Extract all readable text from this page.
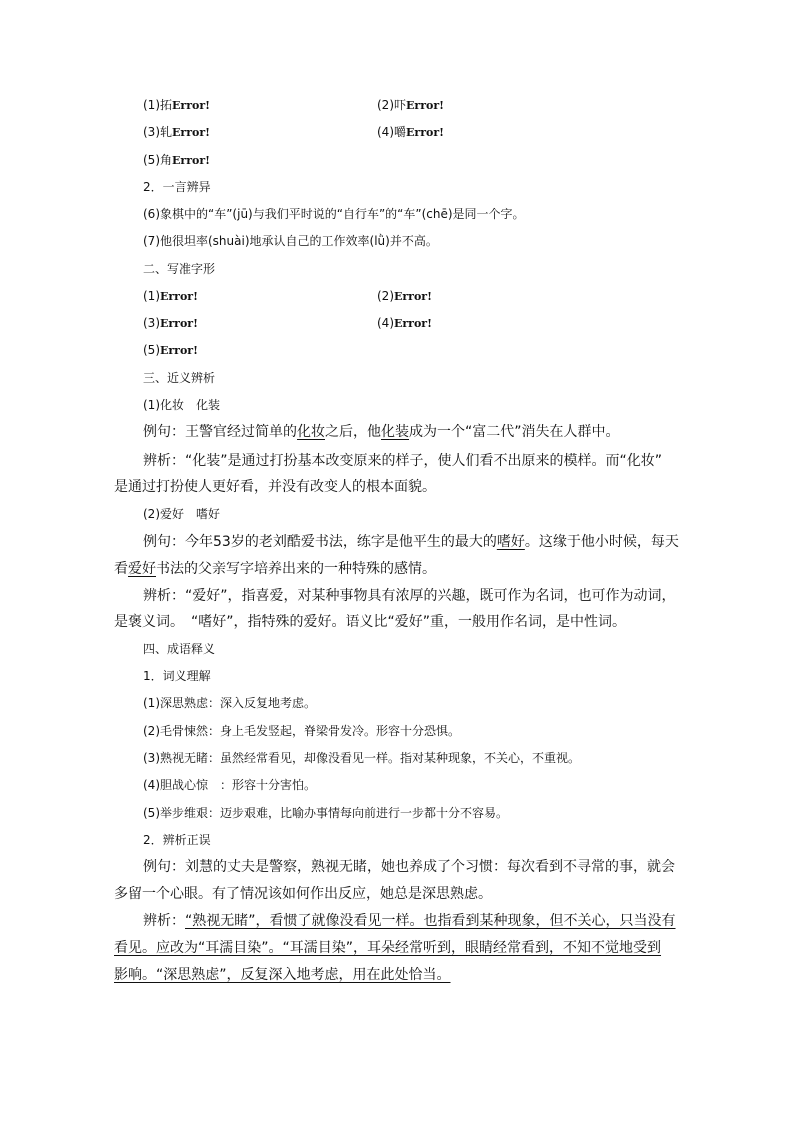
(1)拓Error!	(2)吓Error!
(3)轧Error!	(4)嚼Error!
(5)角Error!
2．一言辨异
(6)象棋中的“车”(jū)与我们平时说的“自行车”的“车”(chē)是同一个字。
(7)他很坦率(shuài)地承认自己的工作效率(lǜ)并不高。
二、写准字形
(1)Error!	(2)Error!
(3)Error!	(4)Error!
(5)Error!
三、近义辨析
(1)化妆　化装
例句：王警官经过简单的化妆之后，他化装成为一个“富二代”消失在人群中。
辨析：“化装”是通过打扮基本改变原来的样子，使人们看不出原来的模样。而“化妆”
是通过打扮使人更好看，并没有改变人的根本面貌。
(2)爱好　嗜好
例句：今年53岁的老刘酷爱书法，练字是他平生的最大的嗜好。这缘于他小时候，每天
看爱好书法的父亲写字培养出来的一种特殊的感情。
辨析：“爱好”，指喜爱，对某种事物具有浓厚的兴趣，既可作为名词，也可作为动词，
是褒义词。　“嗜好”，指特殊的爱好。语义比“爱好”重，一般用作名词，是中性词。
四、成语释义
1．词义理解
(1)深思熟虑：深入反复地考虑。
(2)毛骨悚然：身上毛发竖起，脊梁骨发冷。形容十分恐惧。
(3)熟视无睹：虽然经常看见，却像没看见一样。指对某种现象，不关心，不重视。
(4)胆战心惊　：形容十分害怕。
(5)举步维艰：迈步艰难，比喻办事情每向前进行一步都十分不容易。
2．辨析正误
例句：刘慧的丈夫是警察，熟视无睹，她也养成了个习惯：每次看到不寻常的事，就会
多留一个心眼。有了情况该如何作出反应，她总是深思熟虑。
辨析：“熟视无睹”，看惯了就像没看见一样。也指看到某种现象，但不关心，只当没有
看见。应改为“耳濡目染”。“耳濡目染”，耳朵经常听到，眼睛经常看到，不知不觉地受到
影响。“深思熟虑”，反复深入地考虑，用在此处恰当。
